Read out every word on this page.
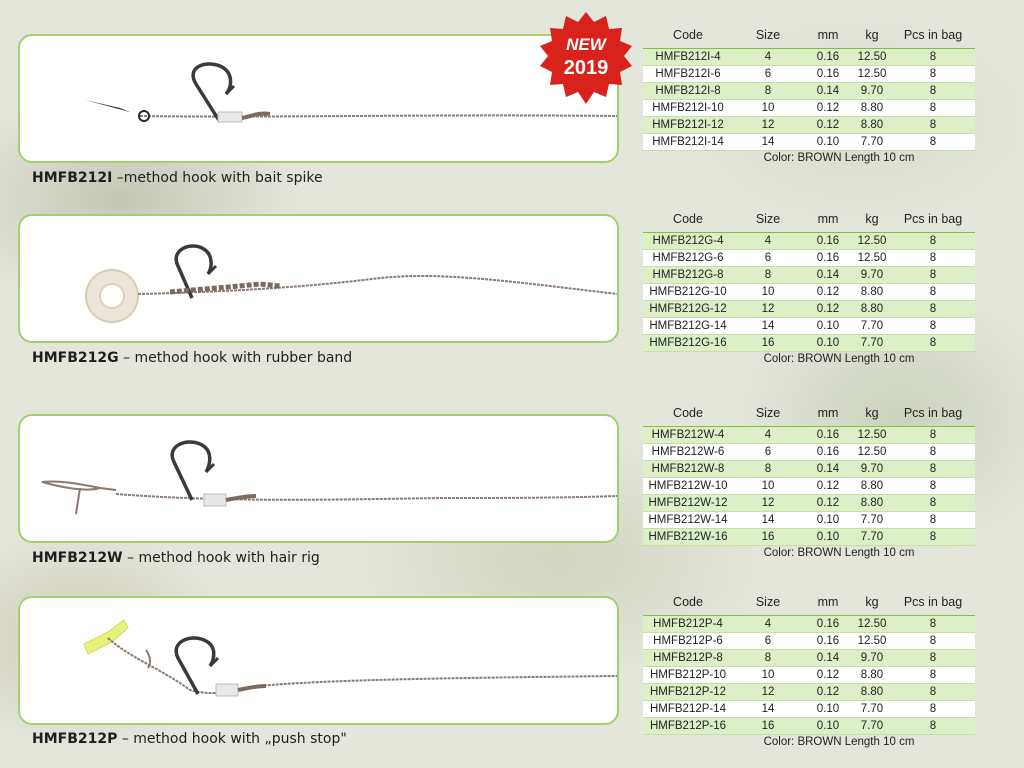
HMFB212I –method hook with bait spike
Code	Size	mm	kg	Pcs in bag
HMFB212I-4	4	0.16	12.50	8
HMFB212I-6	6	0.16	12.50	8
HMFB212I-8	8	0.14	9.70	8
HMFB212I-10	10	0.12	8.80	8
HMFB212I-12	12	0.12	8.80	8
HMFB212I-14	14	0.10	7.70	8
Color: BROWN Length 10 cm
NEW
2019
HMFB212G – method hook with rubber band
Code	Size	mm	kg	Pcs in bag
HMFB212G-4	4	0.16	12.50	8
HMFB212G-6	6	0.16	12.50	8
HMFB212G-8	8	0.14	9.70	8
HMFB212G-10	10	0.12	8.80	8
HMFB212G-12	12	0.12	8.80	8
HMFB212G-14	14	0.10	7.70	8
HMFB212G-16	16	0.10	7.70	8
Color: BROWN Length 10 cm
HMFB212W – method hook with hair rig
Code	Size	mm	kg	Pcs in bag
HMFB212W-4	4	0.16	12.50	8
HMFB212W-6	6	0.16	12.50	8
HMFB212W-8	8	0.14	9.70	8
HMFB212W-10	10	0.12	8.80	8
HMFB212W-12	12	0.12	8.80	8
HMFB212W-14	14	0.10	7.70	8
HMFB212W-16	16	0.10	7.70	8
Color: BROWN Length 10 cm
HMFB212P – method hook with „push stop"
Code	Size	mm	kg	Pcs in bag
HMFB212P-4	4	0.16	12.50	8
HMFB212P-6	6	0.16	12.50	8
HMFB212P-8	8	0.14	9.70	8
HMFB212P-10	10	0.12	8.80	8
HMFB212P-12	12	0.12	8.80	8
HMFB212P-14	14	0.10	7.70	8
HMFB212P-16	16	0.10	7.70	8
Color: BROWN Length 10 cm
